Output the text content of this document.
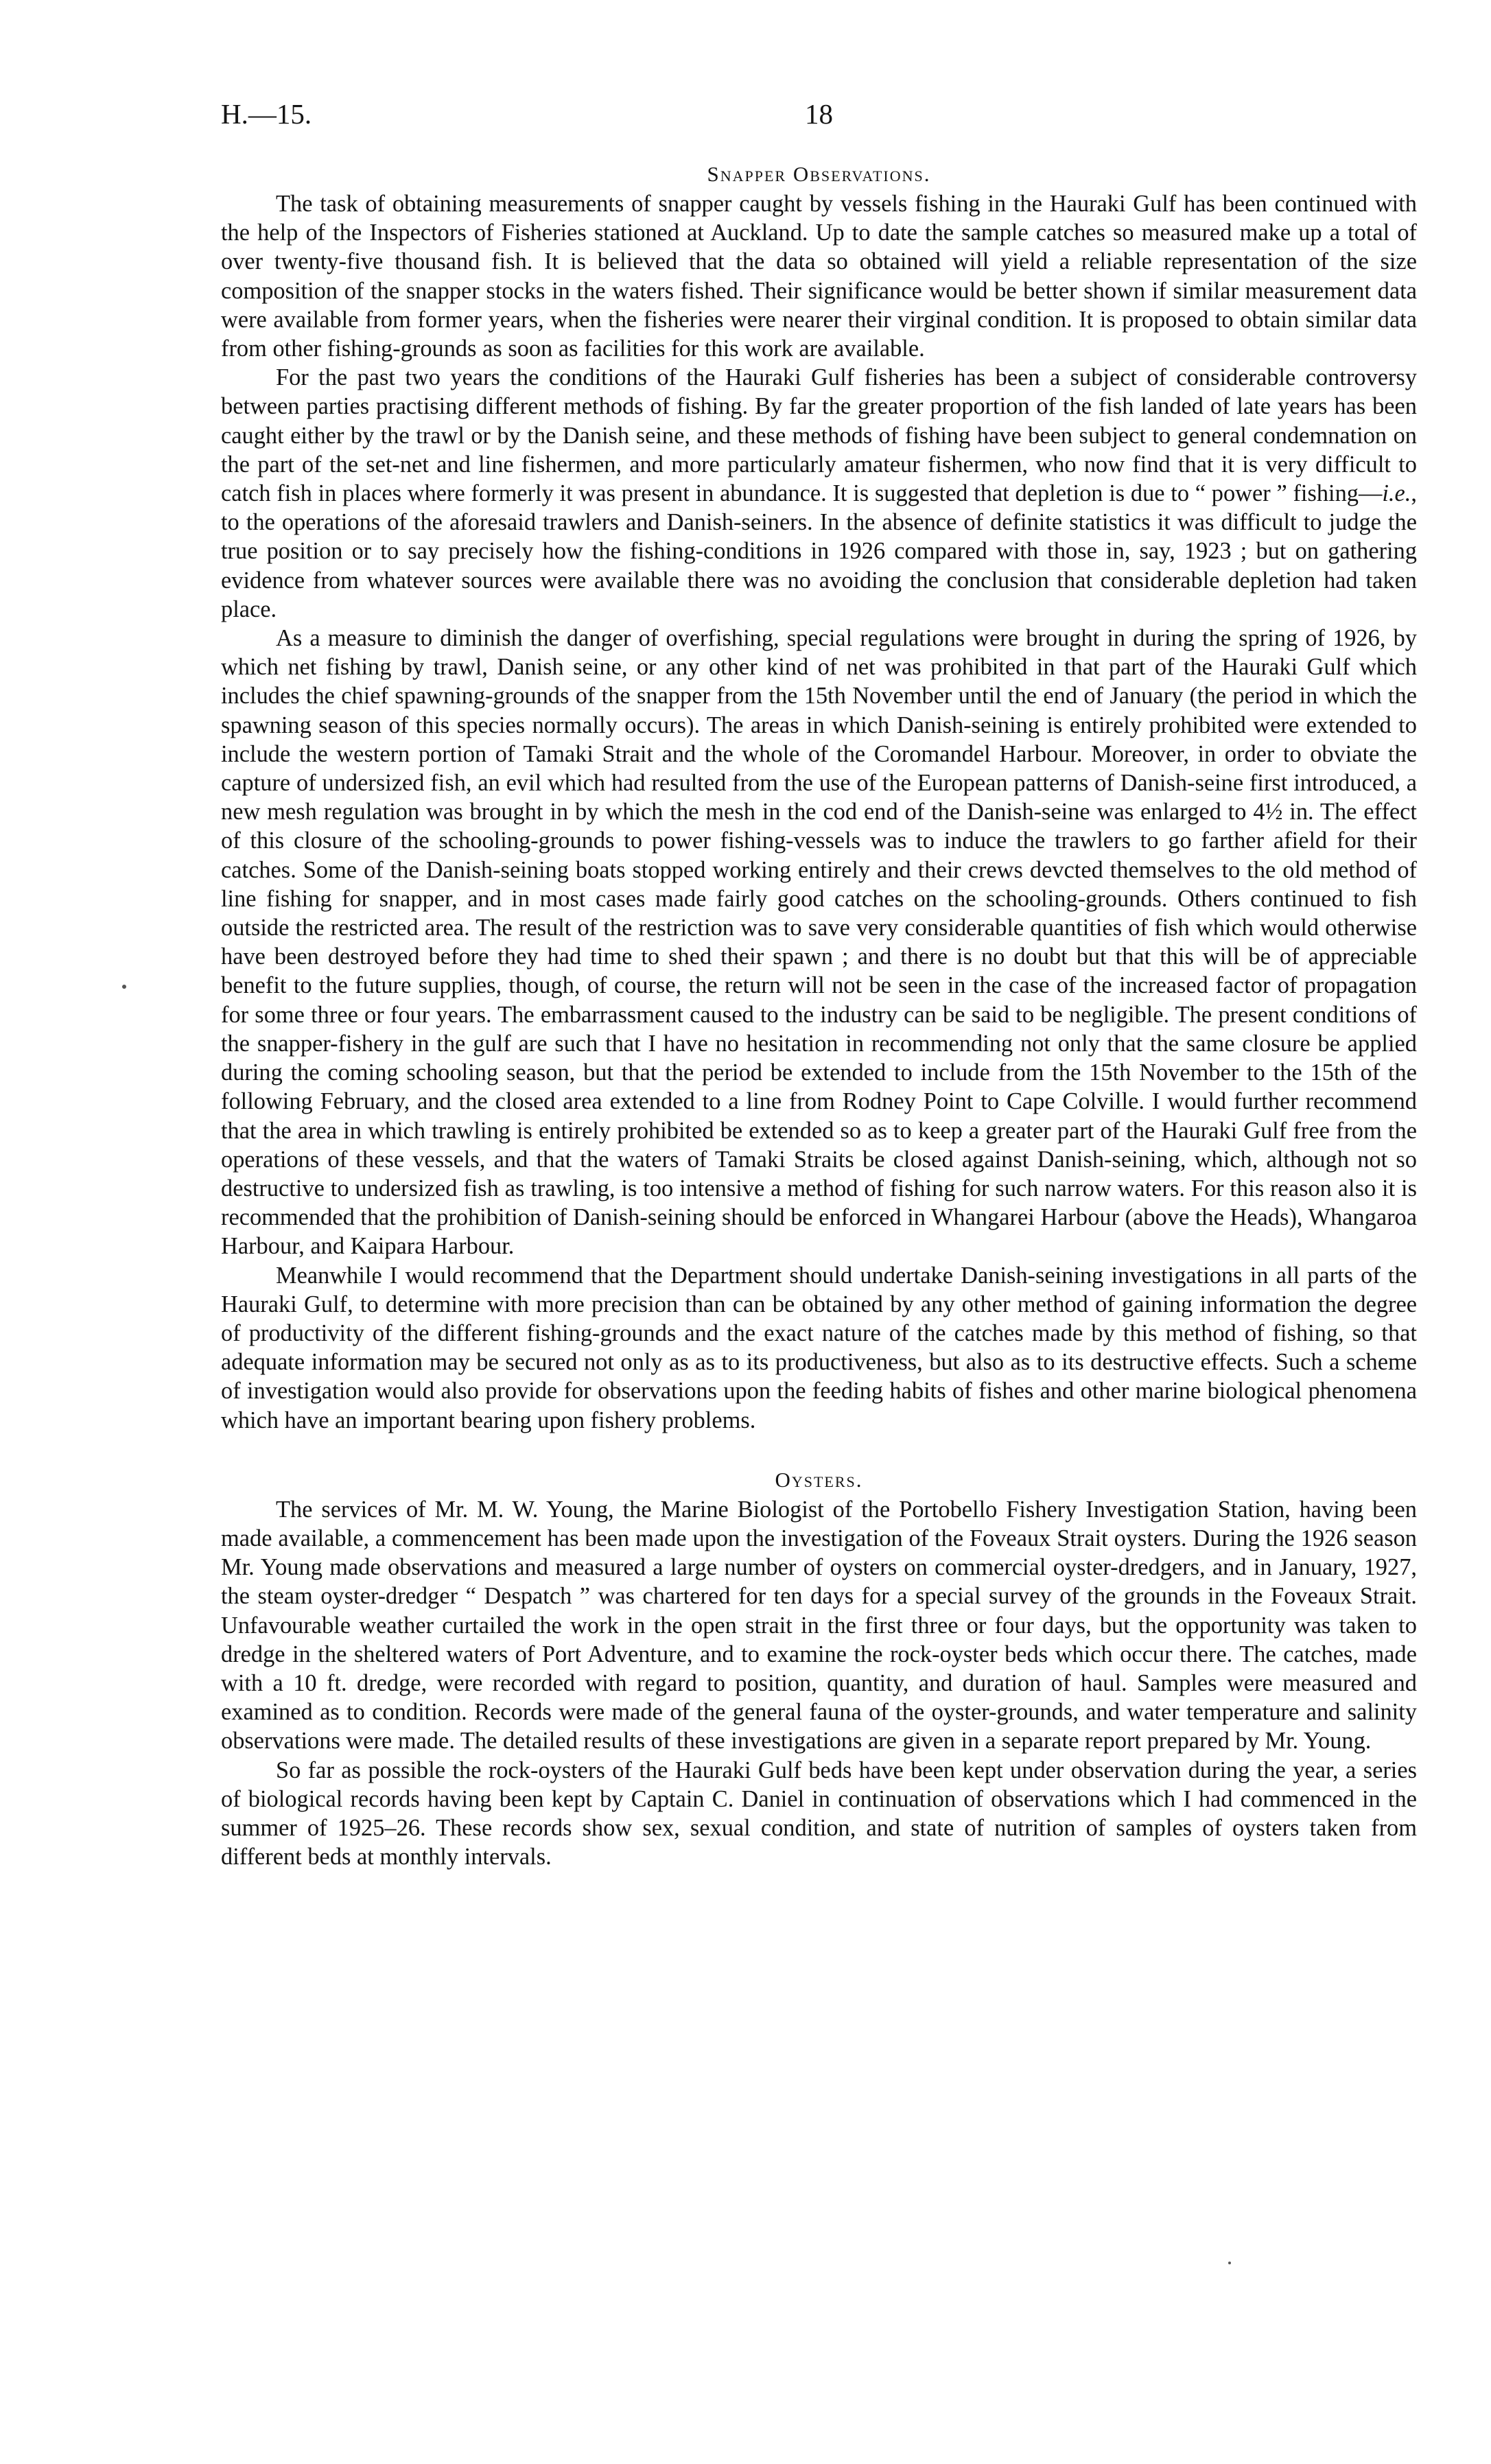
H.—15.	18
Snapper Observations.

The task of obtaining measurements of snapper caught by vessels fishing in the Hauraki Gulf has been continued with the help of the Inspectors of Fisheries stationed at Auckland. Up to date the sample catches so measured make up a total of over twenty-five thousand fish. It is believed that the data so obtained will yield a reliable representation of the size composition of the snapper stocks in the waters fished. Their significance would be better shown if similar measurement data were available from former years, when the fisheries were nearer their virginal condition. It is proposed to obtain similar data from other fishing-grounds as soon as facilities for this work are available.

For the past two years the conditions of the Hauraki Gulf fisheries has been a subject of considerable controversy between parties practising different methods of fishing. By far the greater proportion of the fish landed of late years has been caught either by the trawl or by the Danish seine, and these methods of fishing have been subject to general condemnation on the part of the set-net and line fishermen, and more particularly amateur fishermen, who now find that it is very difficult to catch fish in places where formerly it was present in abundance. It is suggested that depletion is due to “ power ” fishing—i.e., to the operations of the aforesaid trawlers and Danish-seiners. In the absence of definite statistics it was difficult to judge the true position or to say precisely how the fishing-conditions in 1926 compared with those in, say, 1923 ; but on gathering evidence from whatever sources were available there was no avoiding the conclusion that considerable depletion had taken place.

As a measure to diminish the danger of overfishing, special regulations were brought in during the spring of 1926, by which net fishing by trawl, Danish seine, or any other kind of net was prohibited in that part of the Hauraki Gulf which includes the chief spawning-grounds of the snapper from the 15th November until the end of January (the period in which the spawning season of this species normally occurs). The areas in which Danish-seining is entirely prohibited were extended to include the western portion of Tamaki Strait and the whole of the Coromandel Harbour. Moreover, in order to obviate the capture of undersized fish, an evil which had resulted from the use of the European patterns of Danish-seine first introduced, a new mesh regulation was brought in by which the mesh in the cod end of the Danish-seine was enlarged to 4½ in. The effect of this closure of the schooling-grounds to power fishing-vessels was to induce the trawlers to go farther afield for their catches. Some of the Danish-seining boats stopped working entirely and their crews devcted themselves to the old method of line fishing for snapper, and in most cases made fairly good catches on the schooling-grounds. Others continued to fish outside the restricted area. The result of the restriction was to save very considerable quantities of fish which would otherwise have been destroyed before they had time to shed their spawn ; and there is no doubt but that this will be of appreciable benefit to the future supplies, though, of course, the return will not be seen in the case of the increased factor of propagation for some three or four years. The embarrassment caused to the industry can be said to be negligible. The present conditions of the snapper-fishery in the gulf are such that I have no hesitation in recommending not only that the same closure be applied during the coming schooling season, but that the period be extended to include from the 15th November to the 15th of the following February, and the closed area extended to a line from Rodney Point to Cape Colville. I would further recommend that the area in which trawling is entirely prohibited be extended so as to keep a greater part of the Hauraki Gulf free from the operations of these vessels, and that the waters of Tamaki Straits be closed against Danish-seining, which, although not so destructive to undersized fish as trawling, is too intensive a method of fishing for such narrow waters. For this reason also it is recommended that the prohibition of Danish-seining should be enforced in Whangarei Harbour (above the Heads), Whangaroa Harbour, and Kaipara Harbour.

Meanwhile I would recommend that the Department should undertake Danish-seining investigations in all parts of the Hauraki Gulf, to determine with more precision than can be obtained by any other method of gaining information the degree of productivity of the different fishing-grounds and the exact nature of the catches made by this method of fishing, so that adequate information may be secured not only as as to its productiveness, but also as to its destructive effects. Such a scheme of investigation would also provide for observations upon the feeding habits of fishes and other marine biological phenomena which have an important bearing upon fishery problems.

Oysters.

The services of Mr. M. W. Young, the Marine Biologist of the Portobello Fishery Investigation Station, having been made available, a commencement has been made upon the investigation of the Foveaux Strait oysters. During the 1926 season Mr. Young made observations and measured a large number of oysters on commercial oyster-dredgers, and in January, 1927, the steam oyster-dredger “ Despatch ” was chartered for ten days for a special survey of the grounds in the Foveaux Strait. Unfavourable weather curtailed the work in the open strait in the first three or four days, but the opportunity was taken to dredge in the sheltered waters of Port Adventure, and to examine the rock-oyster beds which occur there. The catches, made with a 10 ft. dredge, were recorded with regard to position, quantity, and duration of haul. Samples were measured and examined as to condition. Records were made of the general fauna of the oyster-grounds, and water temperature and salinity observations were made. The detailed results of these investigations are given in a separate report prepared by Mr. Young.

So far as possible the rock-oysters of the Hauraki Gulf beds have been kept under observation during the year, a series of biological records having been kept by Captain C. Daniel in continuation of observations which I had commenced in the summer of 1925–26. These records show sex, sexual condition, and state of nutrition of samples of oysters taken from different beds at monthly intervals.
